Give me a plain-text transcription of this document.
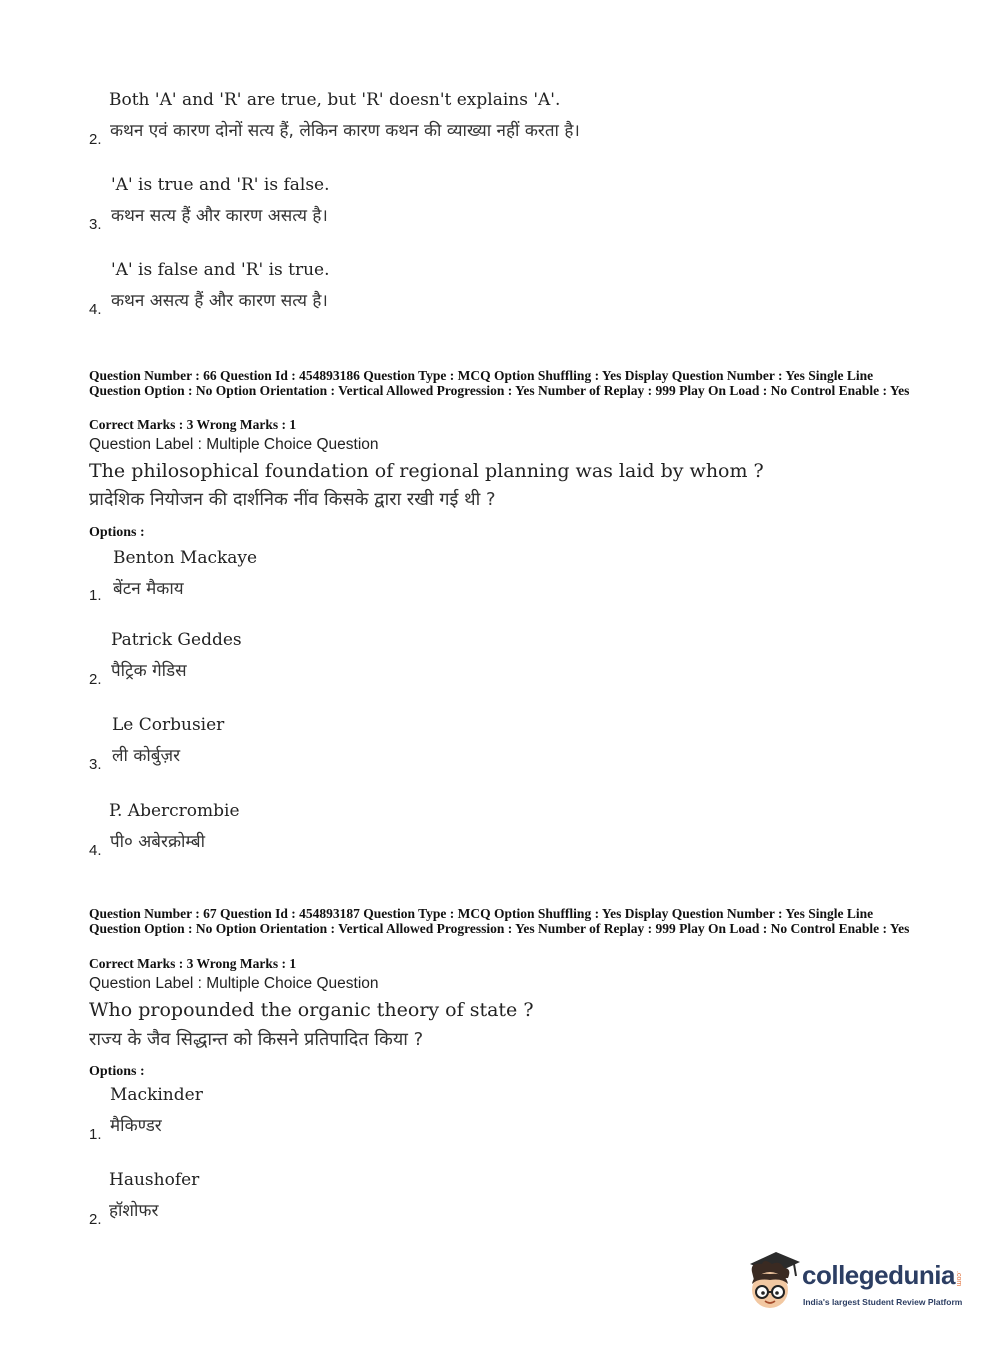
Both 'A' and 'R' are true, but 'R' doesn't explains 'A'.
कथन एवं कारण दोनों सत्य हैं, लेकिन कारण कथन की व्याख्या नहीं करता है।
2.
'A' is true and 'R' is false.
कथन सत्य हैं और कारण असत्य है।
3.
'A' is false and 'R' is true.
कथन असत्य हैं और कारण सत्य है।
4.
Question Number : 66 Question Id : 454893186 Question Type : MCQ Option Shuffling : Yes Display Question Number : Yes Single Line Question Option : No Option Orientation : Vertical Allowed Progression : Yes Number of Replay : 999 Play On Load : No Control Enable : Yes
Correct Marks : 3 Wrong Marks : 1
Question Label : Multiple Choice Question
The philosophical foundation of regional planning was laid by whom ?
प्रादेशिक नियोजन की दार्शनिक नींव किसके द्वारा रखी गई थी ?
Options :
Benton Mackaye
बेंटन मैकाय
1.
Patrick Geddes
पैट्रिक गेडिस
2.
Le Corbusier
ली कोर्बुज़र
3.
P. Abercrombie
पी० अबेरक्रोम्बी
4.
Question Number : 67 Question Id : 454893187 Question Type : MCQ Option Shuffling : Yes Display Question Number : Yes Single Line Question Option : No Option Orientation : Vertical Allowed Progression : Yes Number of Replay : 999 Play On Load : No Control Enable : Yes
Correct Marks : 3 Wrong Marks : 1
Question Label : Multiple Choice Question
Who propounded the organic theory of state ?
राज्य के जैव सिद्धान्त को किसने प्रतिपादित किया ?
Options :
Mackinder
मैकिण्डर
1.
Haushofer
हॉशोफर
2.
collegedunia .com
India's largest Student Review Platform
